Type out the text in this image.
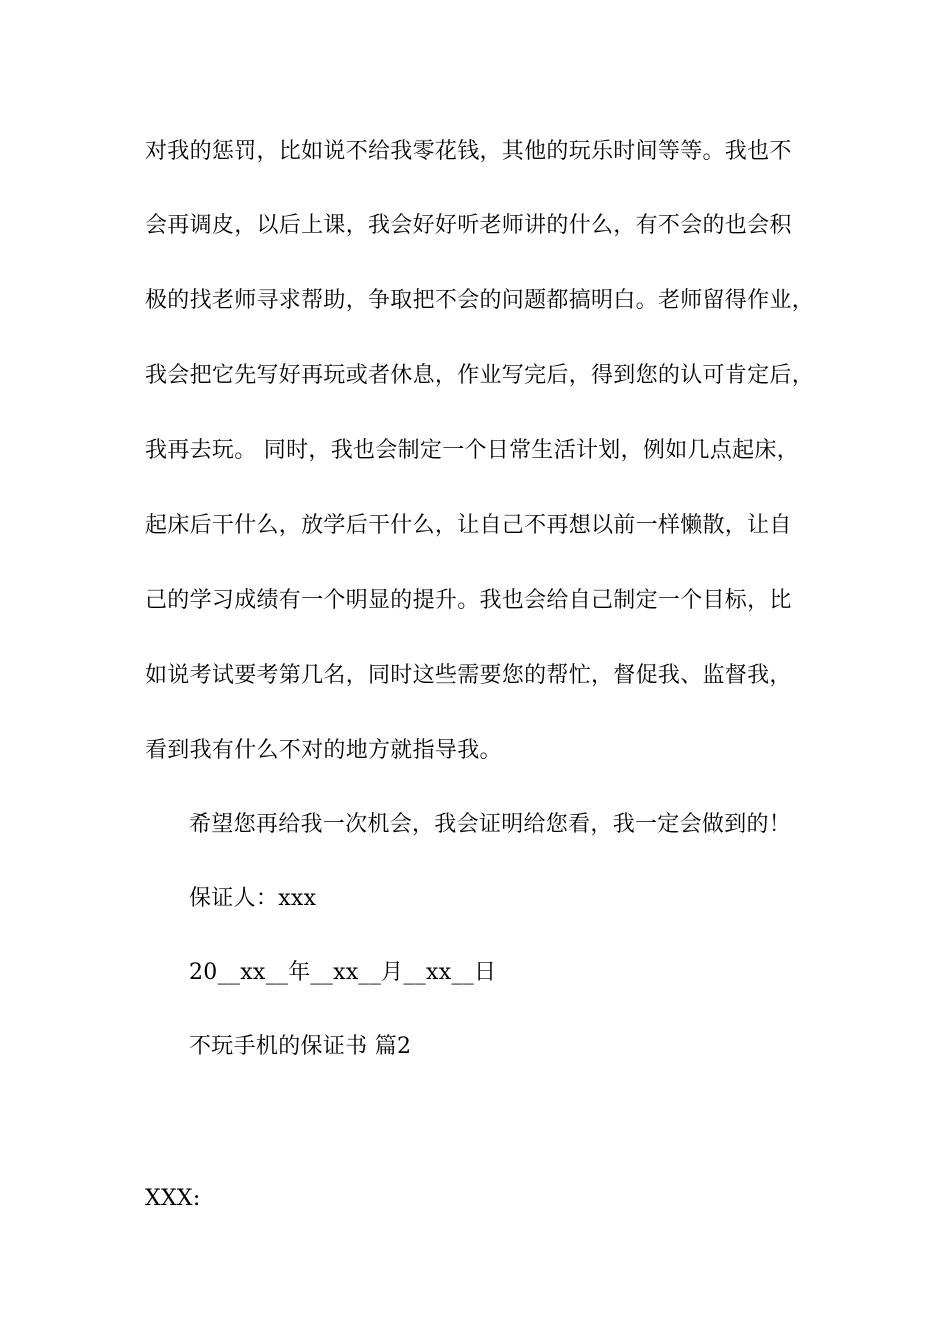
对我的惩罚，比如说不给我零花钱，其他的玩乐时间等等。我也不
会再调皮，以后上课，我会好好听老师讲的什么，有不会的也会积
极的找老师寻求帮助，争取把不会的问题都搞明白。老师留得作业，
我会把它先写好再玩或者休息，作业写完后，得到您的认可肯定后，
我再去玩。 同时，我也会制定一个日常生活计划，例如几点起床，
起床后干什么，放学后干什么，让自己不再想以前一样懒散，让自
己的学习成绩有一个明显的提升。我也会给自己制定一个目标，比
如说考试要考第几名，同时这些需要您的帮忙，督促我、监督我，
看到我有什么不对的地方就指导我。
希望您再给我一次机会，我会证明给您看，我一定会做到的！
保证人：xxx
20__xx__年__xx__月__xx__日
不玩手机的保证书 篇2
XXX:
